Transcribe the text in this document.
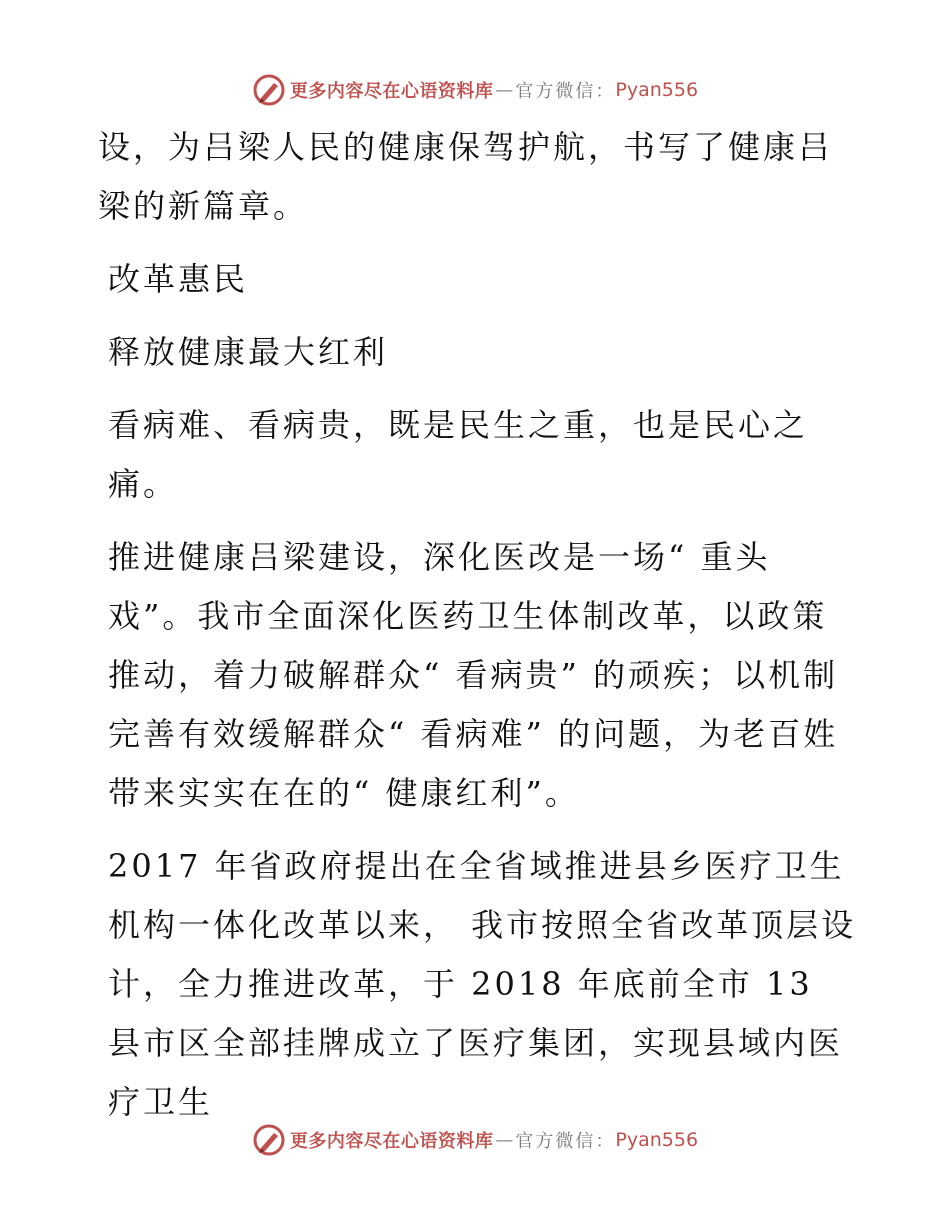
更多内容尽在心语资料库 — 官方微信： Pyan556

设，为吕梁人民的健康保驾护航，书写了健康吕梁的新篇章。

改革惠民

释放健康最大红利

看病难、看病贵，既是民生之重，也是民心之痛。

推进健康吕梁建设，深化医改是一场“ 重头戏”。我市全面深化医药卫生体制改革，以政策推动，着力破解群众“ 看病贵” 的顽疾；以机制完善有效缓解群众“ 看病难” 的问题，为老百姓带来实实在在的“ 健康红利”。

2017 年省政府提出在全省域推进县乡医疗卫生机构一体化改革以来， 我市按照全省改革顶层设计，全力推进改革，于 2018 年底前全市 13 县市区全部挂牌成立了医疗集团，实现县域内医疗卫生

更多内容尽在心语资料库 — 官方微信： Pyan556
